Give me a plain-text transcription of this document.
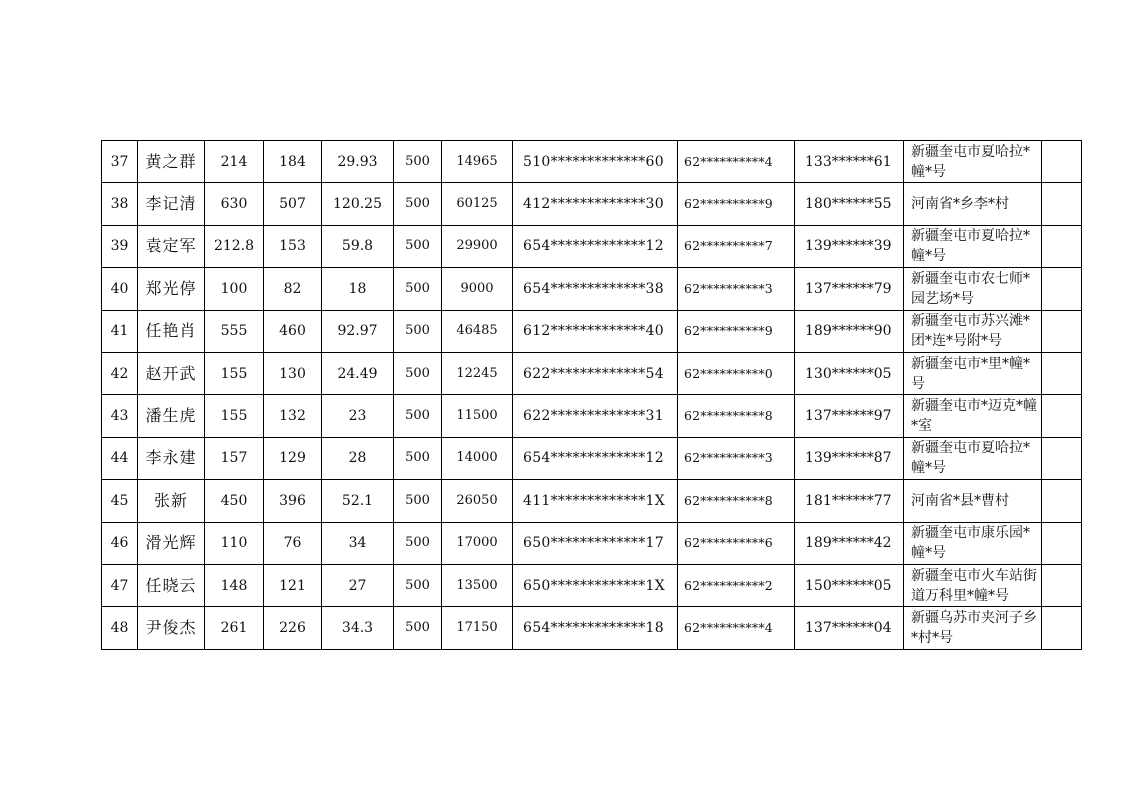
37	黄之群	214	184	29.93	500	14965	510*************60	62**********4	133******61	新疆奎屯市夏哈拉*幢*号	
38	李记清	630	507	120.25	500	60125	412*************30	62**********9	180******55	河南省*乡李*村	
39	袁定军	212.8	153	59.8	500	29900	654*************12	62**********7	139******39	新疆奎屯市夏哈拉*幢*号	
40	郑光停	100	82	18	500	9000	654*************38	62**********3	137******79	新疆奎屯市农七师*园艺场*号	
41	任艳肖	555	460	92.97	500	46485	612*************40	62**********9	189******90	新疆奎屯市苏兴滩*团*连*号附*号	
42	赵开武	155	130	24.49	500	12245	622*************54	62**********0	130******05	新疆奎屯市*里*幢*号	
43	潘生虎	155	132	23	500	11500	622*************31	62**********8	137******97	新疆奎屯市*迈克*幢*室	
44	李永建	157	129	28	500	14000	654*************12	62**********3	139******87	新疆奎屯市夏哈拉*幢*号	
45	张新	450	396	52.1	500	26050	411*************1X	62**********8	181******77	河南省*县*曹村	
46	滑光辉	110	76	34	500	17000	650*************17	62**********6	189******42	新疆奎屯市康乐园*幢*号	
47	任晓云	148	121	27	500	13500	650*************1X	62**********2	150******05	新疆奎屯市火车站街道万科里*幢*号	
48	尹俊杰	261	226	34.3	500	17150	654*************18	62**********4	137******04	新疆乌苏市夹河子乡*村*号	
